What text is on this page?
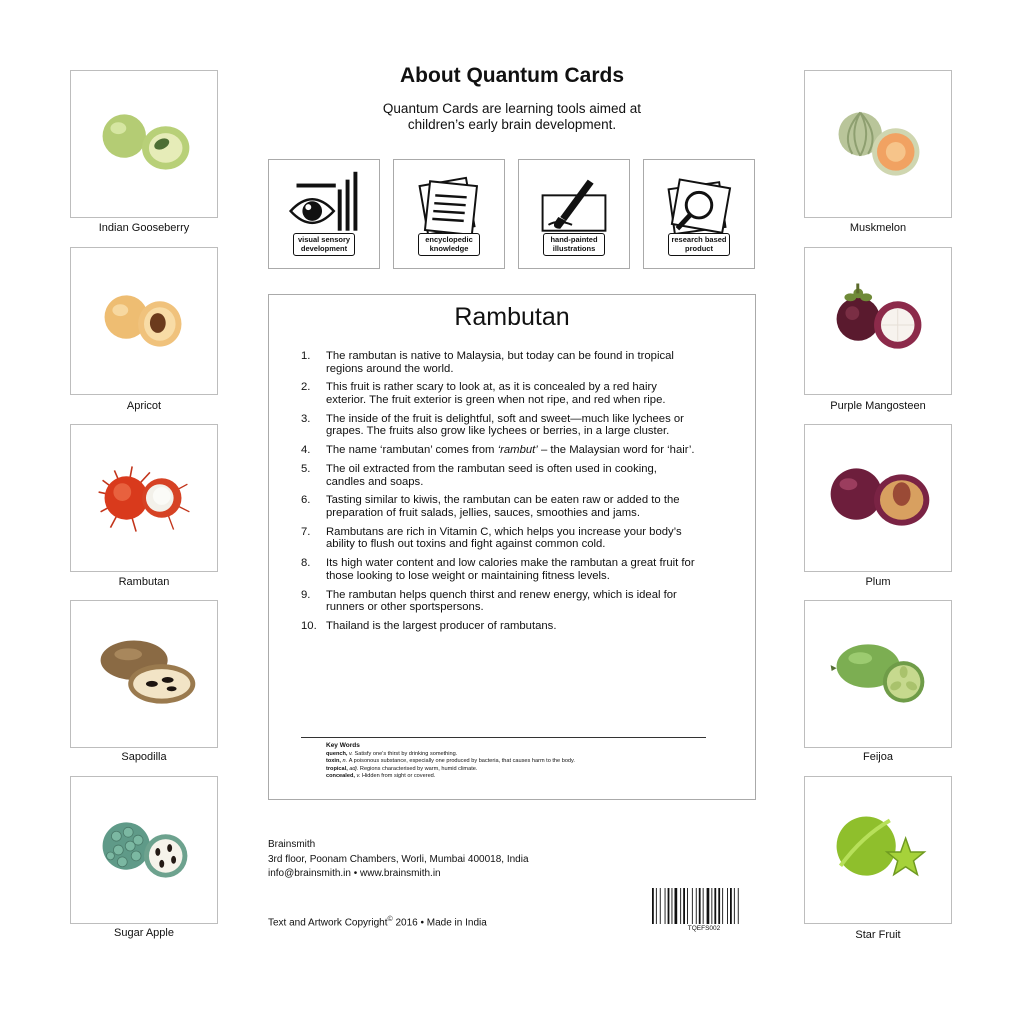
About Quantum Cards
Quantum Cards are learning tools aimed at
children’s early brain development.
Indian Gooseberry
Apricot
Rambutan
Sapodilla
Sugar Apple
Muskmelon
Purple Mangosteen
Plum
Feijoa
Star Fruit
visual sensory
development
encyclopedic
knowledge
hand-painted
illustrations
research based
product
Rambutan
1. The rambutan is native to Malaysia, but today can be found in tropical
regions around the world.
2. This fruit is rather scary to look at, as it is concealed by a red hairy
exterior. The fruit exterior is green when not ripe, and red when ripe.
3. The inside of the fruit is delightful, soft and sweet—much like lychees or
grapes. The fruits also grow like lychees or berries, in a large cluster.
4. The name ‘rambutan’ comes from ‘rambut’ – the Malaysian word for ‘hair’.
5. The oil extracted from the rambutan seed is often used in cooking,
candles and soaps.
6. Tasting similar to kiwis, the rambutan can be eaten raw or added to the
preparation of fruit salads, jellies, sauces, smoothies and jams.
7. Rambutans are rich in Vitamin C, which helps you increase your body’s
ability to flush out toxins and fight against common cold.
8. Its high water content and low calories make the rambutan a great fruit for
those looking to lose weight or maintaining fitness levels.
9. The rambutan helps quench thirst and renew energy, which is ideal for
runners or other sportspersons.
10. Thailand is the largest producer of rambutans.
Key Words
quench, v. Satisfy one’s thirst by drinking something.
toxin, n. A poisonous substance, especially one produced by bacteria, that causes harm to the body.
tropical, adj. Regions characterised by warm, humid climate.
concealed, v. Hidden from sight or covered.
Brainsmith
3rd floor, Poonam Chambers, Worli, Mumbai 400018, India
info@brainsmith.in • www.brainsmith.in
Text and Artwork Copyright© 2016 • Made in India
TQEFS002
